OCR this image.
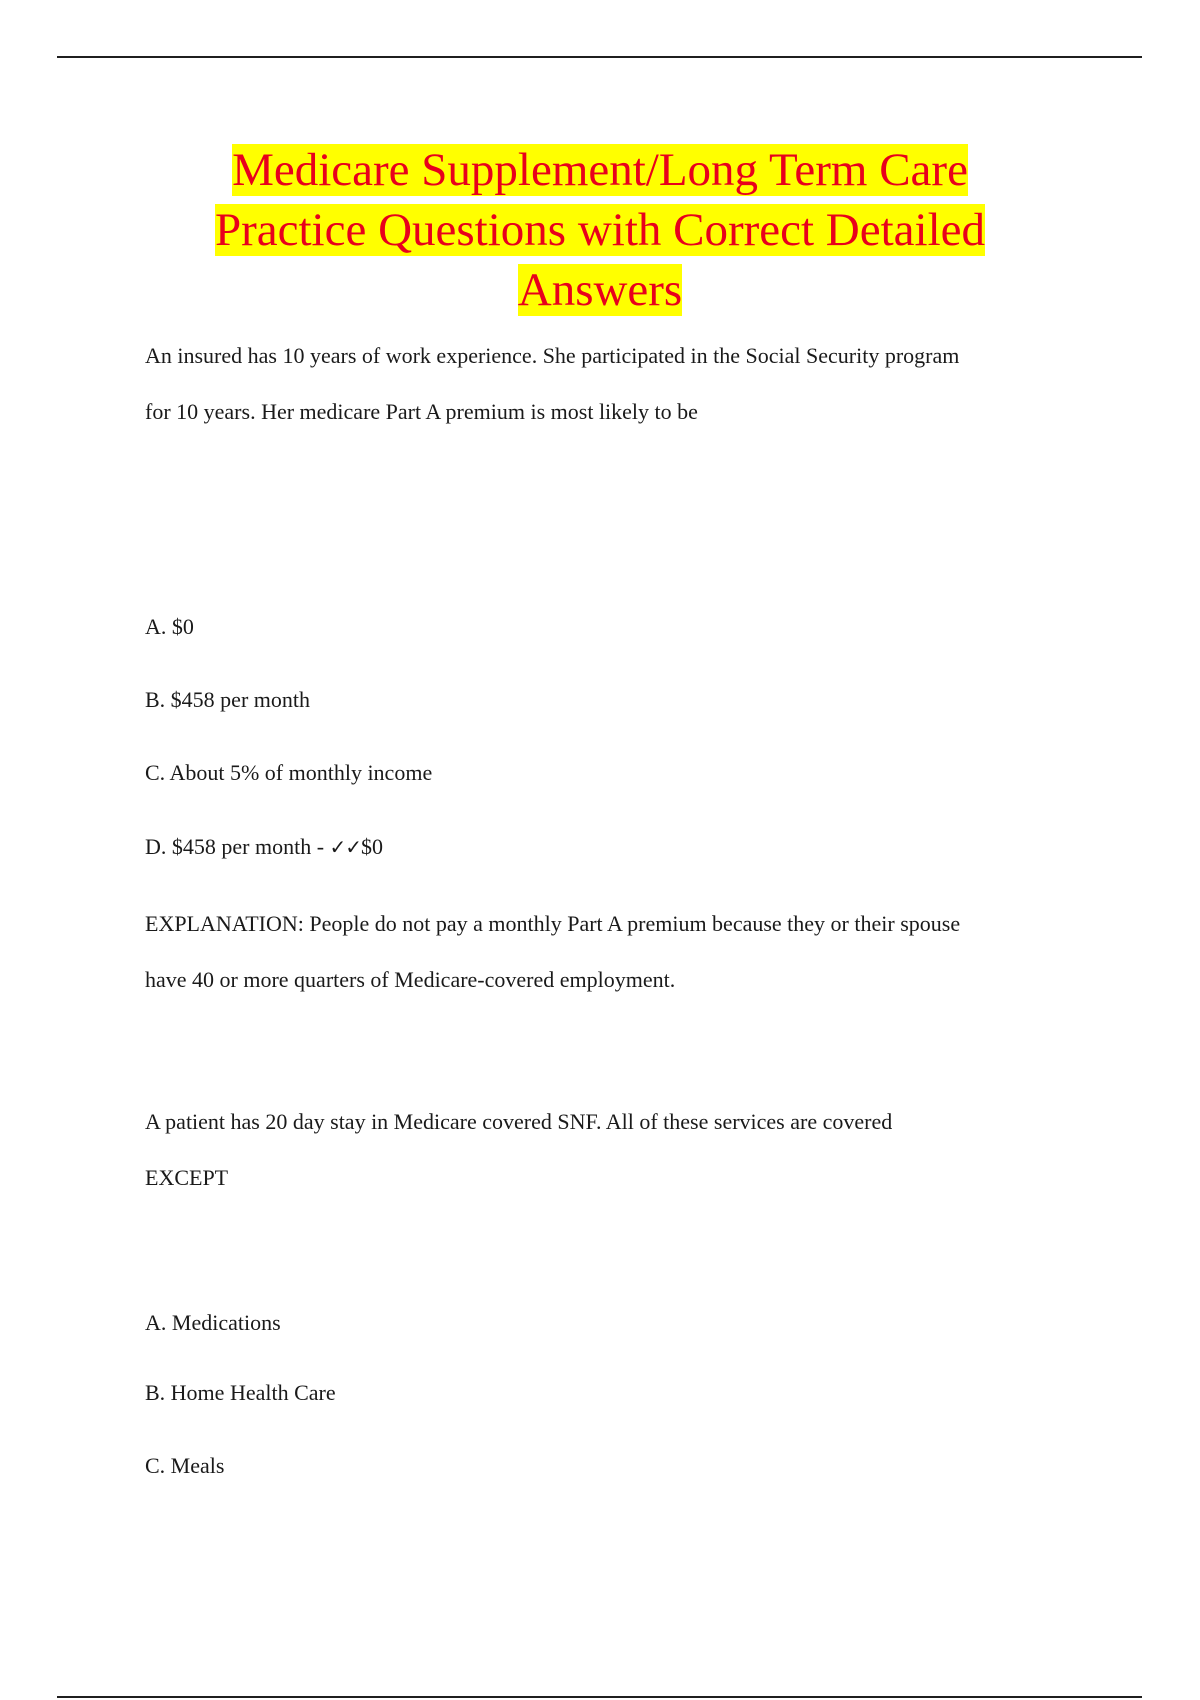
Medicare Supplement/Long Term Care
Practice Questions with Correct Detailed
Answers
An insured has 10 years of work experience. She participated in the Social Security program
for 10 years. Her medicare Part A premium is most likely to be
A. $0
B. $458 per month
C. About 5% of monthly income
D. $458 per month - ✓✓$0
EXPLANATION: People do not pay a monthly Part A premium because they or their spouse
have 40 or more quarters of Medicare-covered employment.
A patient has 20 day stay in Medicare covered SNF. All of these services are covered
EXCEPT
A. Medications
B. Home Health Care
C. Meals
